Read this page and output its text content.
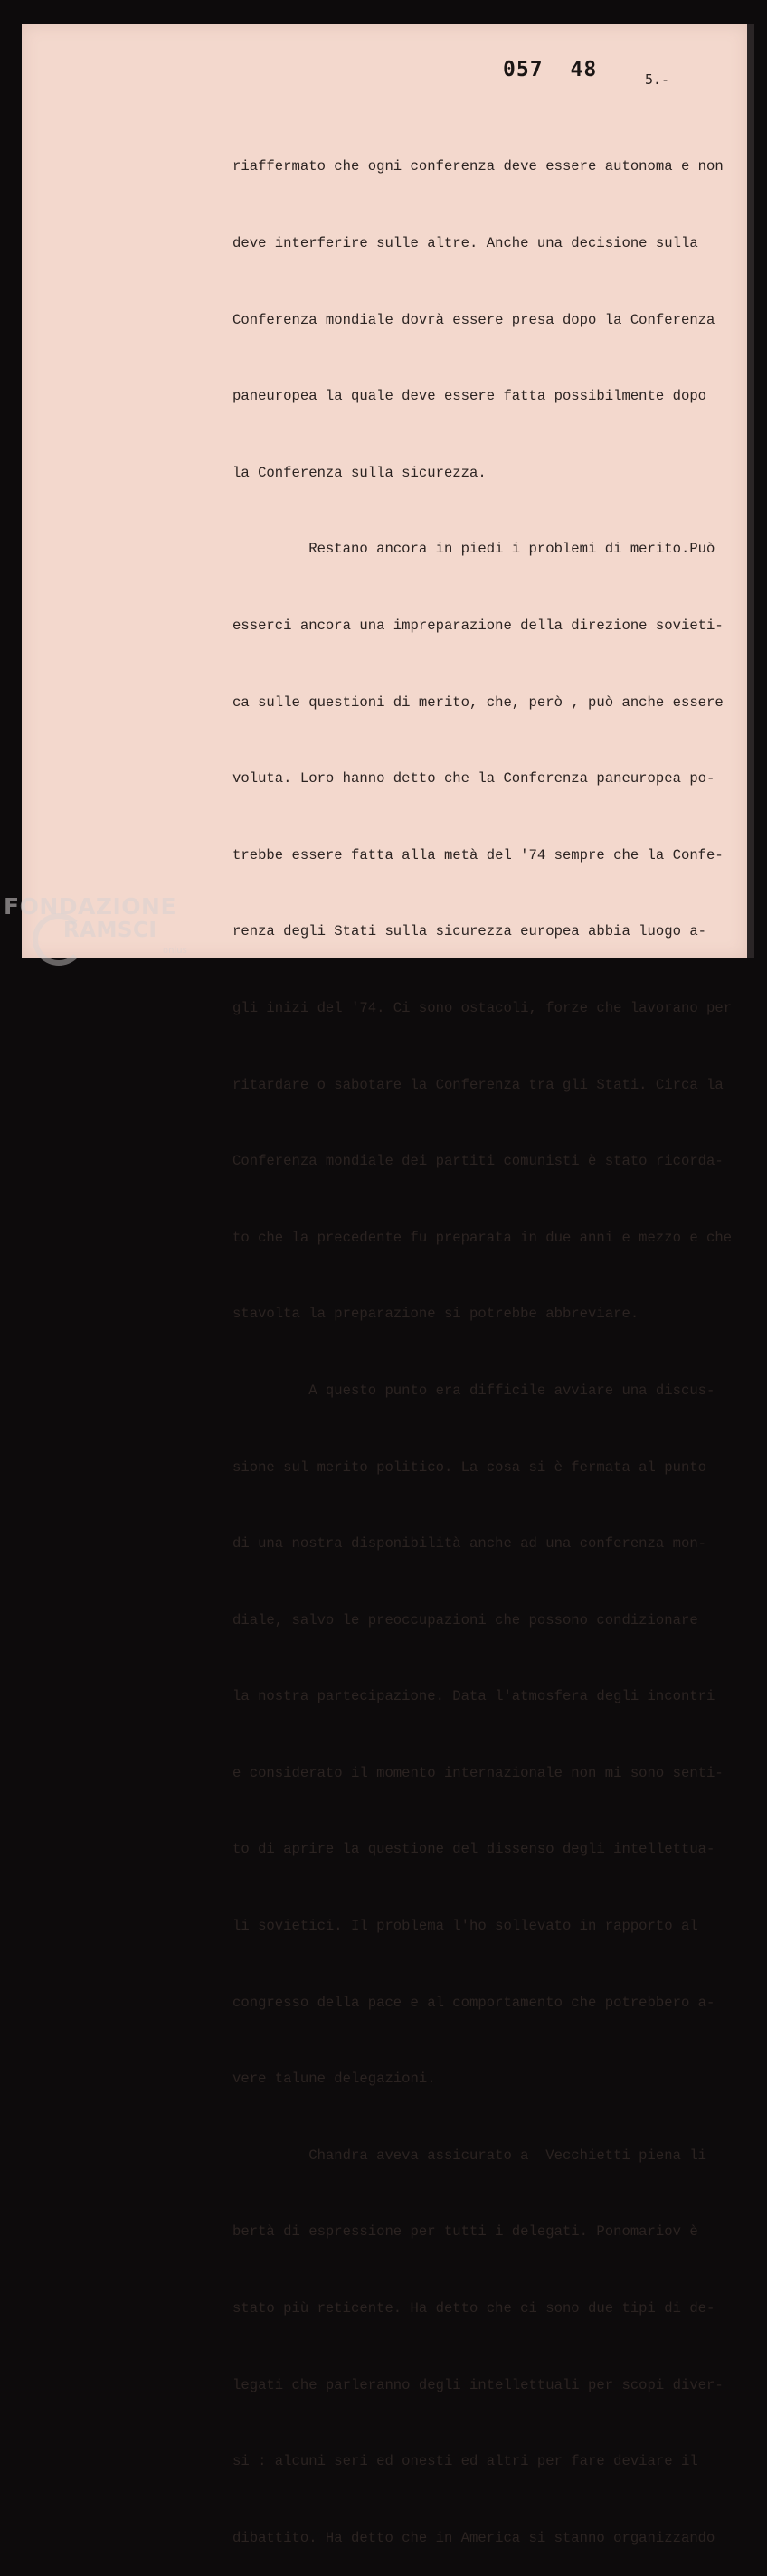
057 48	5.-

riaffermato che ogni conferenza deve essere autonoma e non

deve interferire sulle altre. Anche una decisione sulla

Conferenza mondiale dovrà essere presa dopo la Conferenza

paneuropea la quale deve essere fatta possibilmente dopo

la Conferenza sulla sicurezza.

Restano ancora in piedi i problemi di merito.Può

esserci ancora una impreparazione della direzione sovieti-

ca sulle questioni di merito, che, però , può anche essere

voluta. Loro hanno detto che la Conferenza paneuropea po-

trebbe essere fatta alla metà del '74 sempre che la Confe-

renza degli Stati sulla sicurezza europea abbia luogo a-

gli inizi del '74. Ci sono ostacoli, forze che lavorano per

ritardare o sabotare la Conferenza tra gli Stati. Circa la

Conferenza mondiale dei partiti comunisti è stato ricorda-

to che la precedente fu preparata in due anni e mezzo e che

stavolta la preparazione si potrebbe abbreviare.

A questo punto era difficile avviare una discus-

sione sul merito politico. La cosa si è fermata al punto

di una nostra disponibilità anche ad una conferenza mon-

diale, salvo le preoccupazioni che possono condizionare

la nostra partecipazione. Data l'atmosfera degli incontri

e considerato il momento internazionale non mi sono senti-

to di aprire la questione del dissenso degli intellettua-

li sovietici. Il problema l'ho sollevato in rapporto al

congresso della pace e al comportamento che potrebbero a-

vere talune delegazioni.

Chandra aveva assicurato a  Vecchietti piena li

bertà di espressione per tutti i delegati. Ponomariov è

stato più reticente. Ha detto che ci sono due tipi di de-

legati che parleranno degli intellettuali per scopi diver-

si : alcuni seri ed onesti ed altri per fare deviare il

dibattito. Ha detto che in America si stanno organizzando

FONDAZIONE
RAMSCI
onlus
